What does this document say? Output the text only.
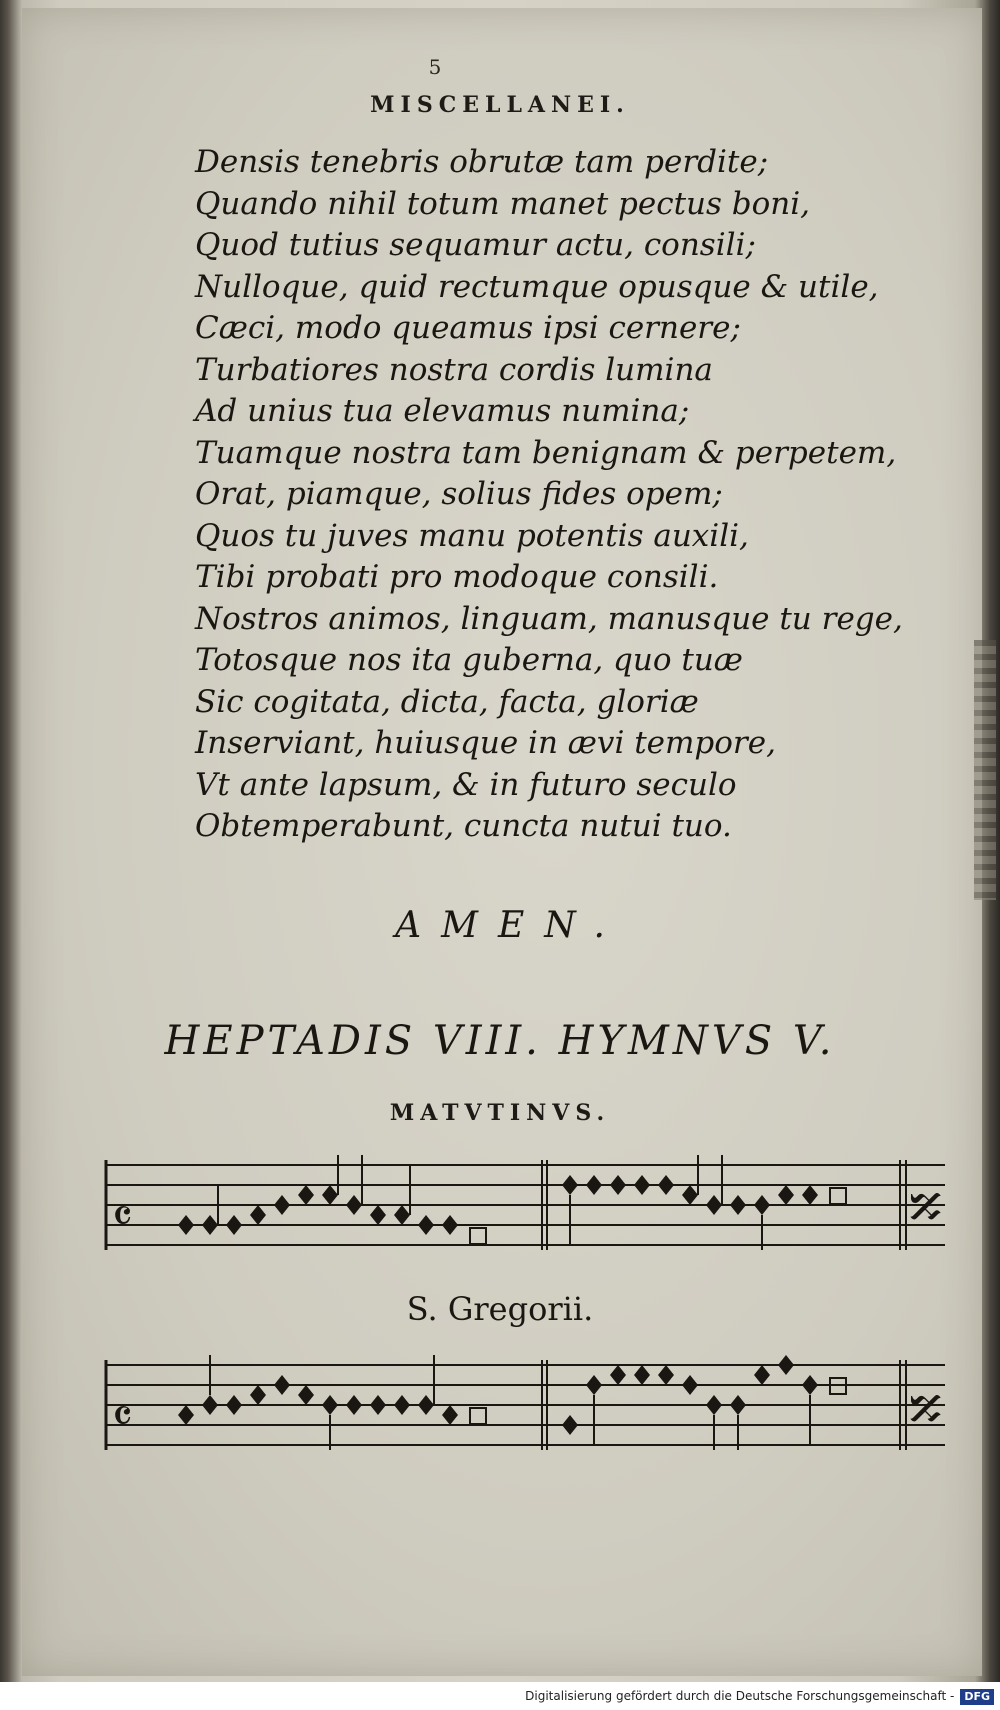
5
MISCELLANEI.
Densis tenebris obrutæ tam perdite;
Quando nihil totum manet pectus boni,
Quod tutius sequamur actu, consili;
Nulloque, quid rectumque opusque & utile,
Cæci, modo queamus ipsi cernere;
Turbatiores nostra cordis lumina
Ad unius tua elevamus numina;
Tuamque nostra tam benignam & perpetem,
Orat, piamque, solius fides opem;
Quos tu juves manu potentis auxili,
Tibi probati pro modoque consili.
Nostros animos, linguam, manusque tu rege,
Totosque nos ita guberna, quo tuæ
Sic cogitata, dicta, facta, gloriæ
Inserviant, huiusque in ævi tempore,
Vt ante lapsum, & in futuro seculo
Obtemperabunt, cuncta nutui tuo.
AMEN.
HEPTADIS VIII. HYMNVS V.
MATVTINVS.
𝄴	ℵ
S. Gregorii.
𝄴	ℵ
Digitalisierung gefördert durch die Deutsche Forschungsgemeinschaft - DFG
